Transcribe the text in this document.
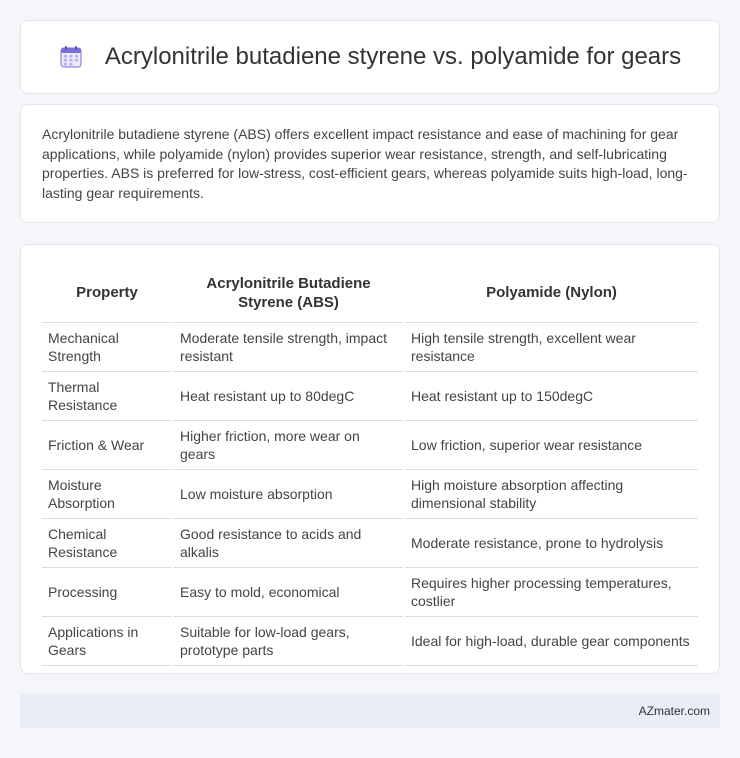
Acrylonitrile butadiene styrene vs. polyamide for gears

Acrylonitrile butadiene styrene (ABS) offers excellent impact resistance and ease of machining for gear applications, while polyamide (nylon) provides superior wear resistance, strength, and self-lubricating properties. ABS is preferred for low-stress, cost-efficient gears, whereas polyamide suits high-load, long-lasting gear requirements.

Property	Acrylonitrile Butadiene Styrene (ABS)	Polyamide (Nylon)
Mechanical Strength	Moderate tensile strength, impact resistant	High tensile strength, excellent wear resistance
Thermal Resistance	Heat resistant up to 80degC	Heat resistant up to 150degC
Friction & Wear	Higher friction, more wear on gears	Low friction, superior wear resistance
Moisture Absorption	Low moisture absorption	High moisture absorption affecting dimensional stability
Chemical Resistance	Good resistance to acids and alkalis	Moderate resistance, prone to hydrolysis
Processing	Easy to mold, economical	Requires higher processing temperatures, costlier
Applications in Gears	Suitable for low-load gears, prototype parts	Ideal for high-load, durable gear components
AZmater.com
